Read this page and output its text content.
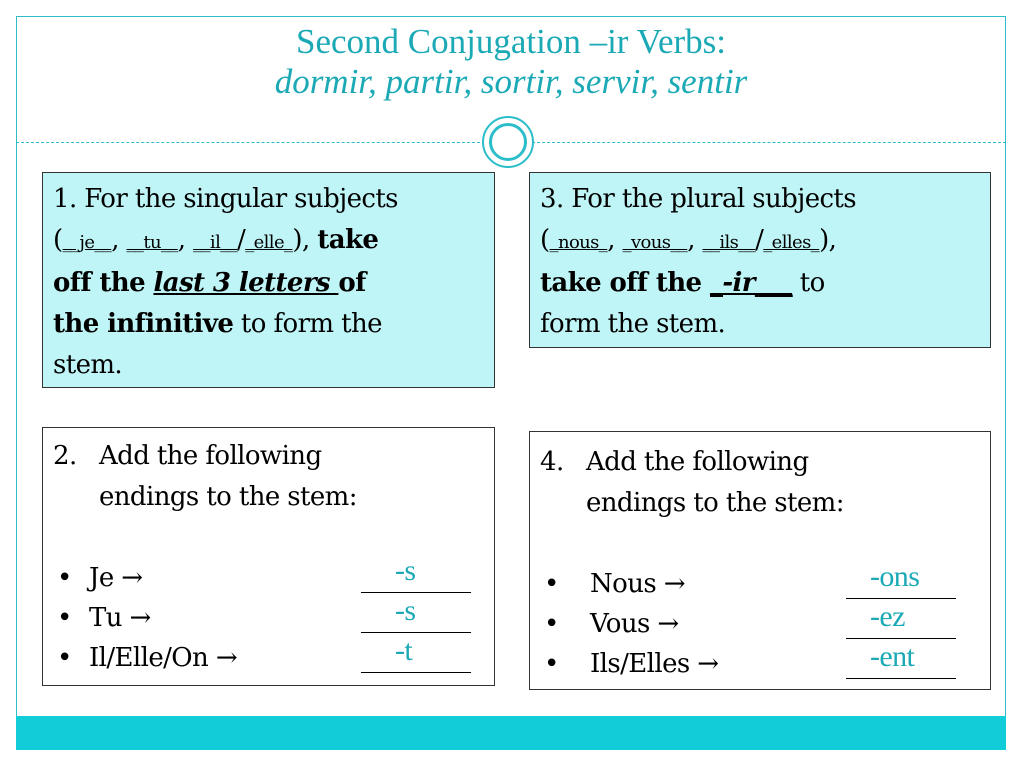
Second Conjugation –ir Verbs:
dormir, partir, sortir, servir, sentir
1. For the singular subjects
(__je__, __tu__, __il__/_elle_), take
off the last 3 letters of
the infinitive to form the
stem.
3. For the plural subjects
(_nous_, _vous__, __ils__/_elles_),
take off the _-ir___ to
form the stem.
2. Add the following
endings to the stem:
• Je →	-s
• Tu →	-s
• Il/Elle/On →	-t
4. Add the following
endings to the stem:
• Nous →	-ons
• Vous →	-ez
• Ils/Elles →	-ent
